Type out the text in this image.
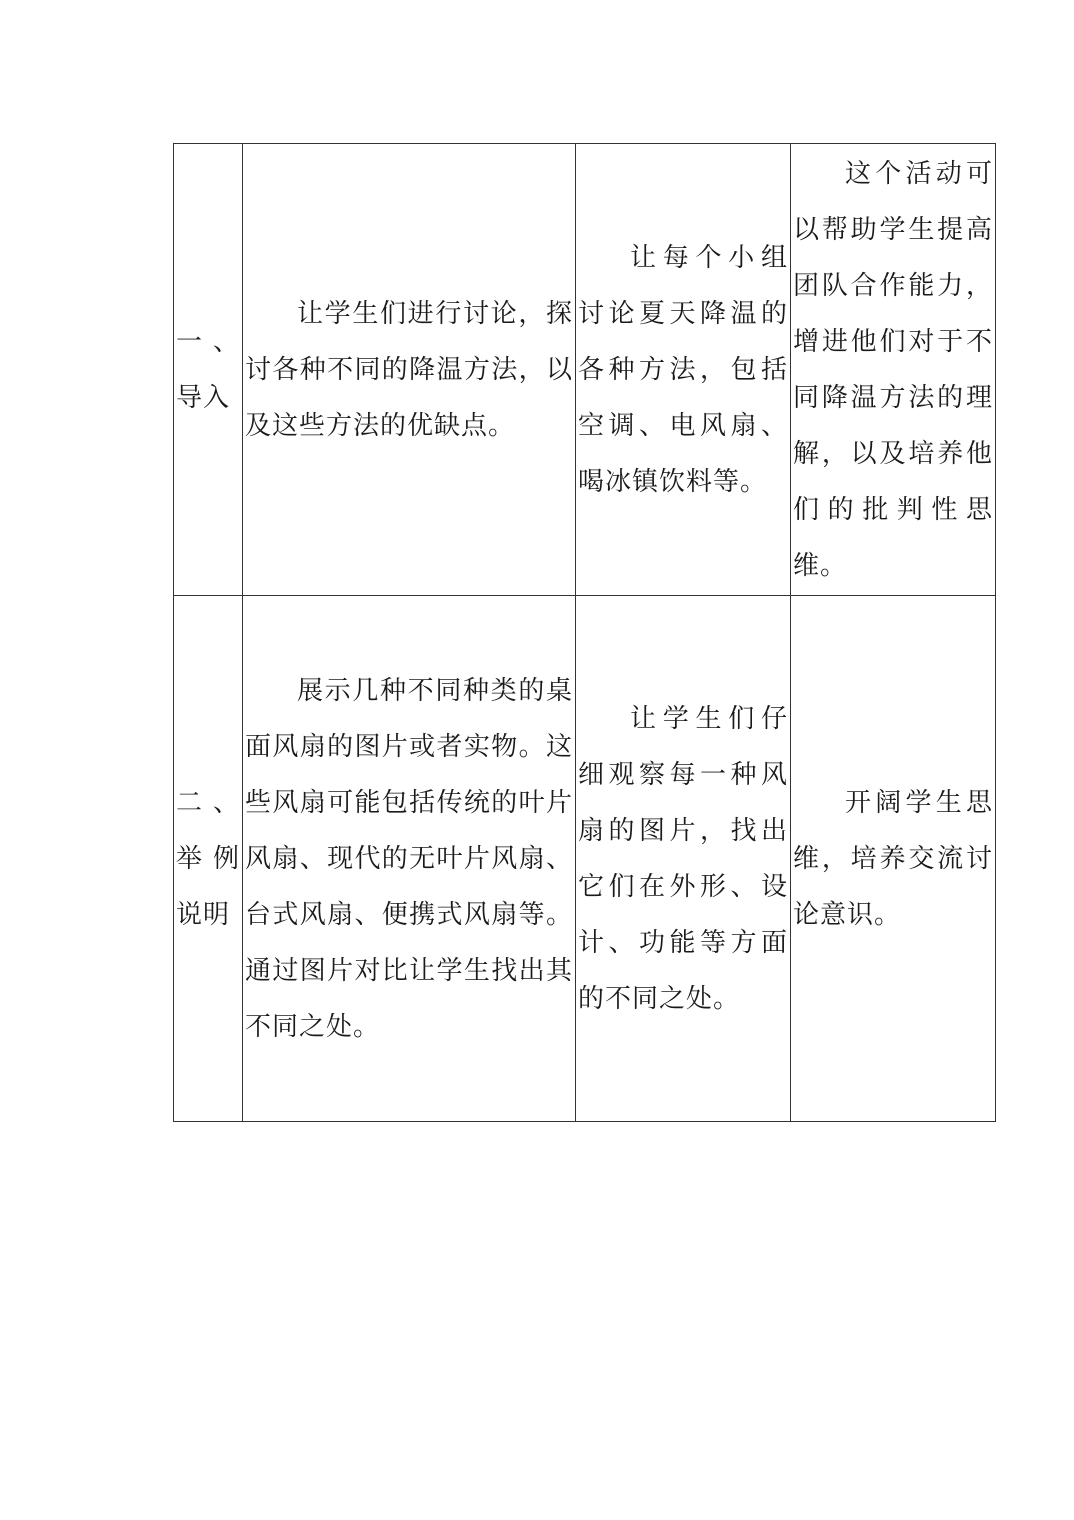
一 、导入	让学生们进行讨论，探讨各种不同的降温方法，以及这些方法的优缺点。	让每个小组讨论夏天降温的各种方法，包括空调、电风扇、喝冰镇饮料等。	这个活动可以帮助学生提高团队合作能力，增进他们对于不同降温方法的理解，以及培养他们的批判性思维。

二、举例说明	展示几种不同种类的桌面风扇的图片或者实物。这些风扇可能包括传统的叶片风扇、现代的无叶片风扇、台式风扇、便携式风扇等。通过图片对比让学生找出其不同之处。	让学生们仔细观察每一种风扇的图片，找出它们在外形、设计、功能等方面的不同之处。	开阔学生思维，培养交流讨论意识。
